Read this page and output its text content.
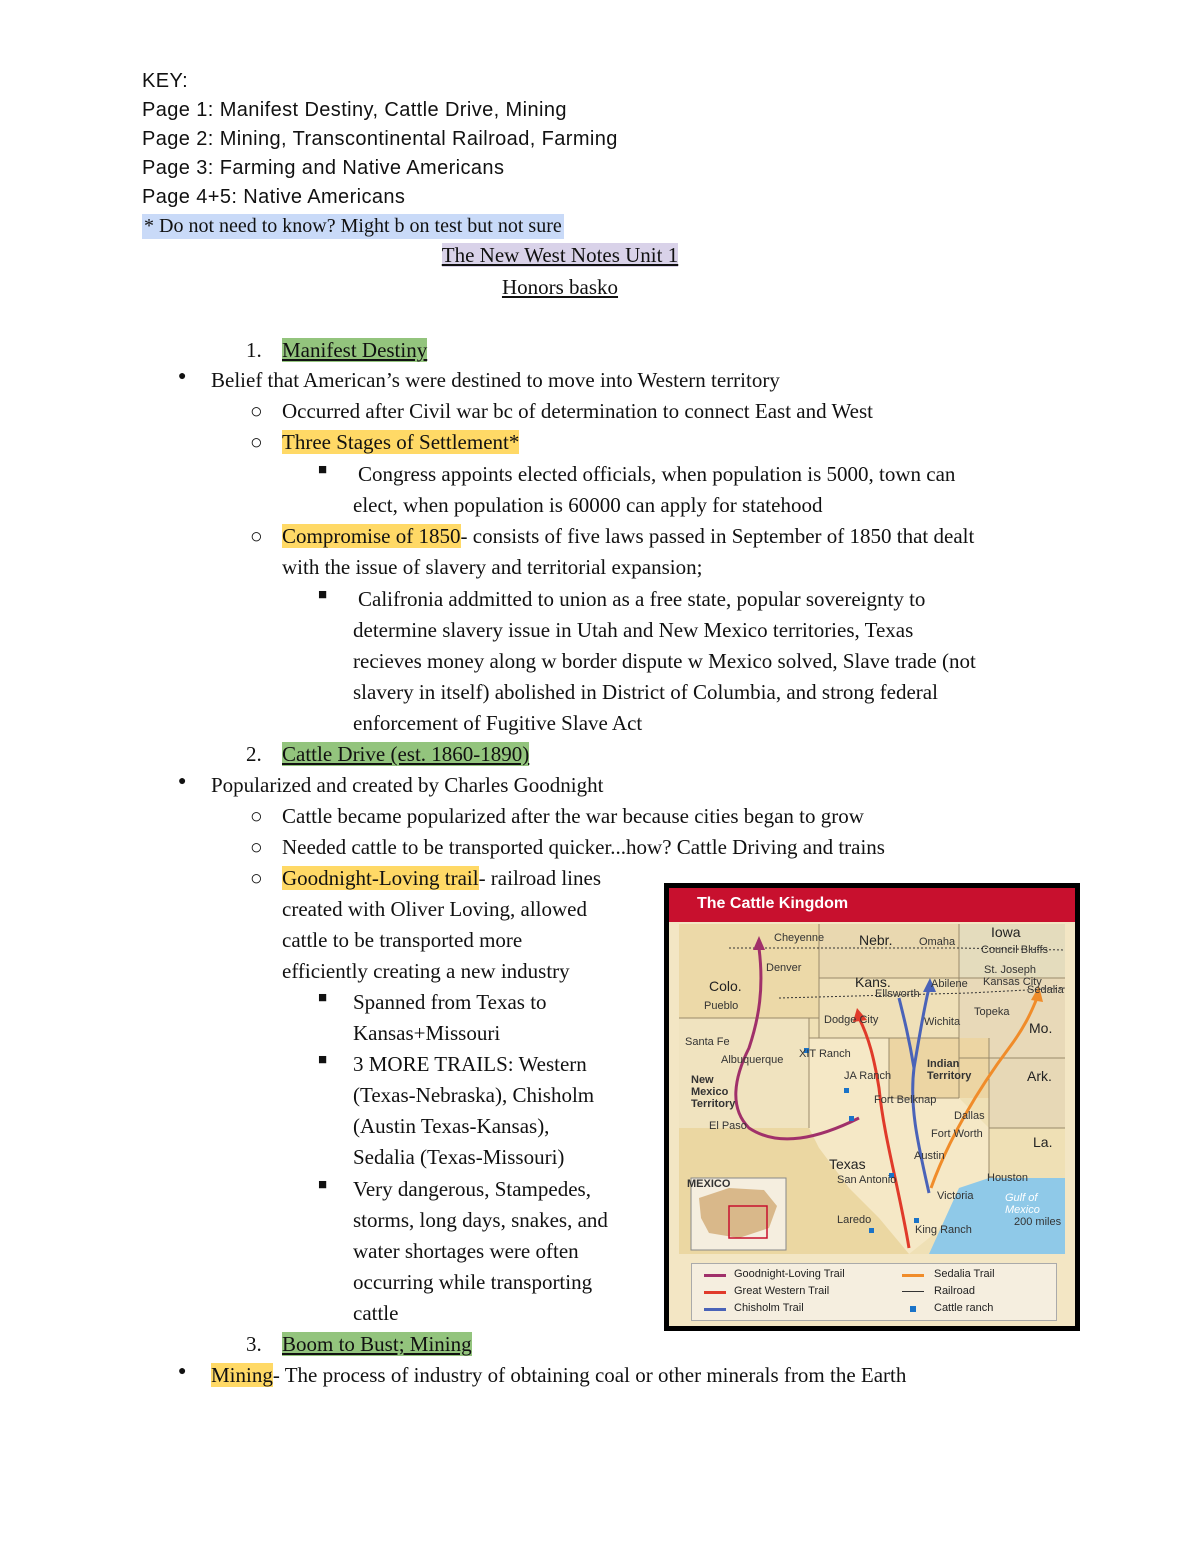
KEY:
Page 1: Manifest Destiny, Cattle Drive, Mining
Page 2: Mining, Transcontinental Railroad, Farming
Page 3: Farming and Native Americans
Page 4+5: Native Americans
* Do not need to know? Might b on test but not sure
The New West Notes Unit 1
Honors basko
1. Manifest Destiny
● Belief that American’s were destined to move into Western territory
○ Occurred after Civil war bc of determination to connect East and West
○ Three Stages of Settlement*
■ Congress appoints elected officials, when population is 5000, town can
elect, when population is 60000 can apply for statehood
○ Compromise of 1850- consists of five laws passed in September of 1850 that dealt
with the issue of slavery and territorial expansion;
■ Califronia addmitted to union as a free state, popular sovereignty to
determine slavery issue in Utah and New Mexico territories, Texas
recieves money along w border dispute w Mexico solved, Slave trade (not
slavery in itself) abolished in District of Columbia, and strong federal
enforcement of Fugitive Slave Act
2. Cattle Drive (est. 1860-1890)
● Popularized and created by Charles Goodnight
○ Cattle became popularized after the war because cities began to grow
○ Needed cattle to be transported quicker...how? Cattle Driving and trains
○ Goodnight-Loving trail- railroad lines
created with Oliver Loving, allowed
cattle to be transported more
efficiently creating a new industry
■ Spanned from Texas to
Kansas+Missouri
■ 3 MORE TRAILS: Western
(Texas-Nebraska), Chisholm
(Austin Texas-Kansas),
Sedalia (Texas-Missouri)
■ Very dangerous, Stampedes,
storms, long days, snakes, and
water shortages were often
occurring while transporting
cattle
3. Boom to Bust; Mining
● Mining- The process of industry of obtaining coal or other minerals from the Earth
The Cattle Kingdom
Cheyenne Nebr. Omaha
Iowa
Council Bluffs
Denver
Colo.	Kans.	Abilene
Ellsworth
St. Joseph
Kansas City
Sedalia
Pueblo	Topeka
Dodge City	Wichita	Mo.
Santa Fe
Albuquerque XIT Ranch
Indian Territory
New Mexico Territory
JA Ranch	Ark.
Fort Belknap
Dallas
Fort Worth
El Paso
La.
Austin
Texas
San Antonio	Houston
MEXICO
Victoria	Gulf of Mexico
Laredo
King Ranch
200 miles
Goodnight-Loving Trail
Great Western Trail
Chisholm Trail
Sedalia Trail
Railroad
Cattle ranch
